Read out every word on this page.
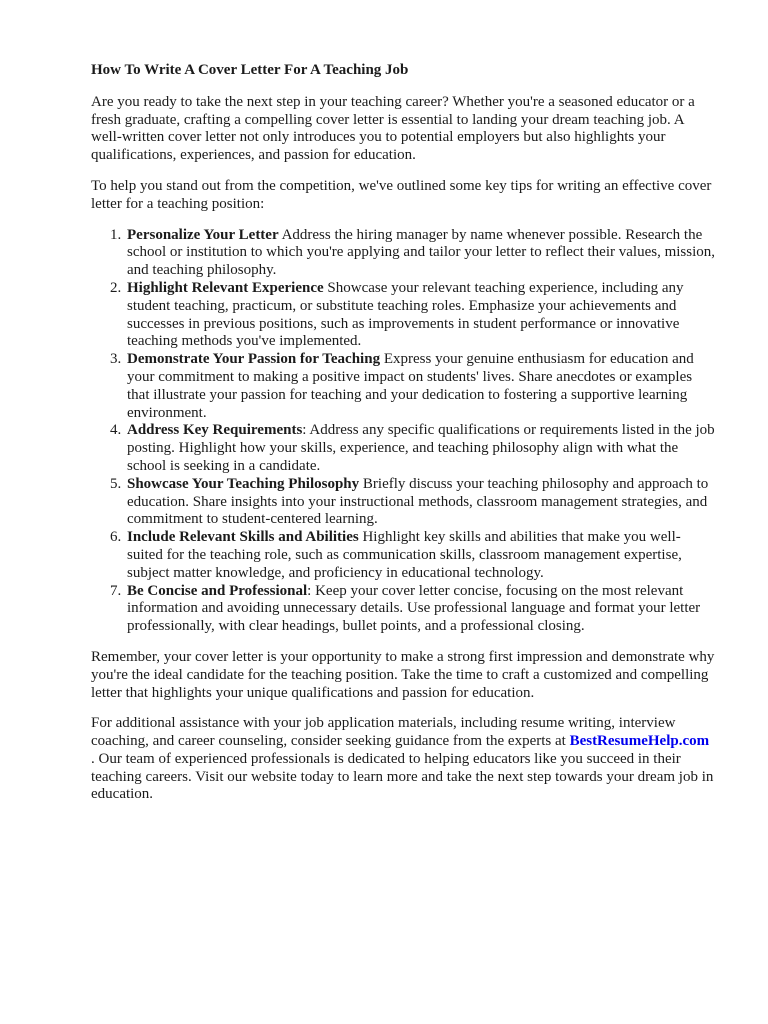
How To Write A Cover Letter For A Teaching Job

Are you ready to take the next step in your teaching career? Whether you're a seasoned educator or a fresh graduate, crafting a compelling cover letter is essential to landing your dream teaching job. A well-written cover letter not only introduces you to potential employers but also highlights your qualifications, experiences, and passion for education.

To help you stand out from the competition, we've outlined some key tips for writing an effective cover letter for a teaching position:

1. Personalize Your Letter Address the hiring manager by name whenever possible. Research the school or institution to which you're applying and tailor your letter to reflect their values, mission, and teaching philosophy.
2. Highlight Relevant Experience Showcase your relevant teaching experience, including any student teaching, practicum, or substitute teaching roles. Emphasize your achievements and successes in previous positions, such as improvements in student performance or innovative teaching methods you've implemented.
3. Demonstrate Your Passion for Teaching Express your genuine enthusiasm for education and your commitment to making a positive impact on students' lives. Share anecdotes or examples that illustrate your passion for teaching and your dedication to fostering a supportive learning environment.
4. Address Key Requirements: Address any specific qualifications or requirements listed in the job posting. Highlight how your skills, experience, and teaching philosophy align with what the school is seeking in a candidate.
5. Showcase Your Teaching Philosophy Briefly discuss your teaching philosophy and approach to education. Share insights into your instructional methods, classroom management strategies, and commitment to student-centered learning.
6. Include Relevant Skills and Abilities Highlight key skills and abilities that make you well-suited for the teaching role, such as communication skills, classroom management expertise, subject matter knowledge, and proficiency in educational technology.
7. Be Concise and Professional: Keep your cover letter concise, focusing on the most relevant information and avoiding unnecessary details. Use professional language and format your letter professionally, with clear headings, bullet points, and a professional closing.

Remember, your cover letter is your opportunity to make a strong first impression and demonstrate why you're the ideal candidate for the teaching position. Take the time to craft a customized and compelling letter that highlights your unique qualifications and passion for education.

For additional assistance with your job application materials, including resume writing, interview coaching, and career counseling, consider seeking guidance from the experts at BestResumeHelp.com . Our team of experienced professionals is dedicated to helping educators like you succeed in their teaching careers. Visit our website today to learn more and take the next step towards your dream job in education.
